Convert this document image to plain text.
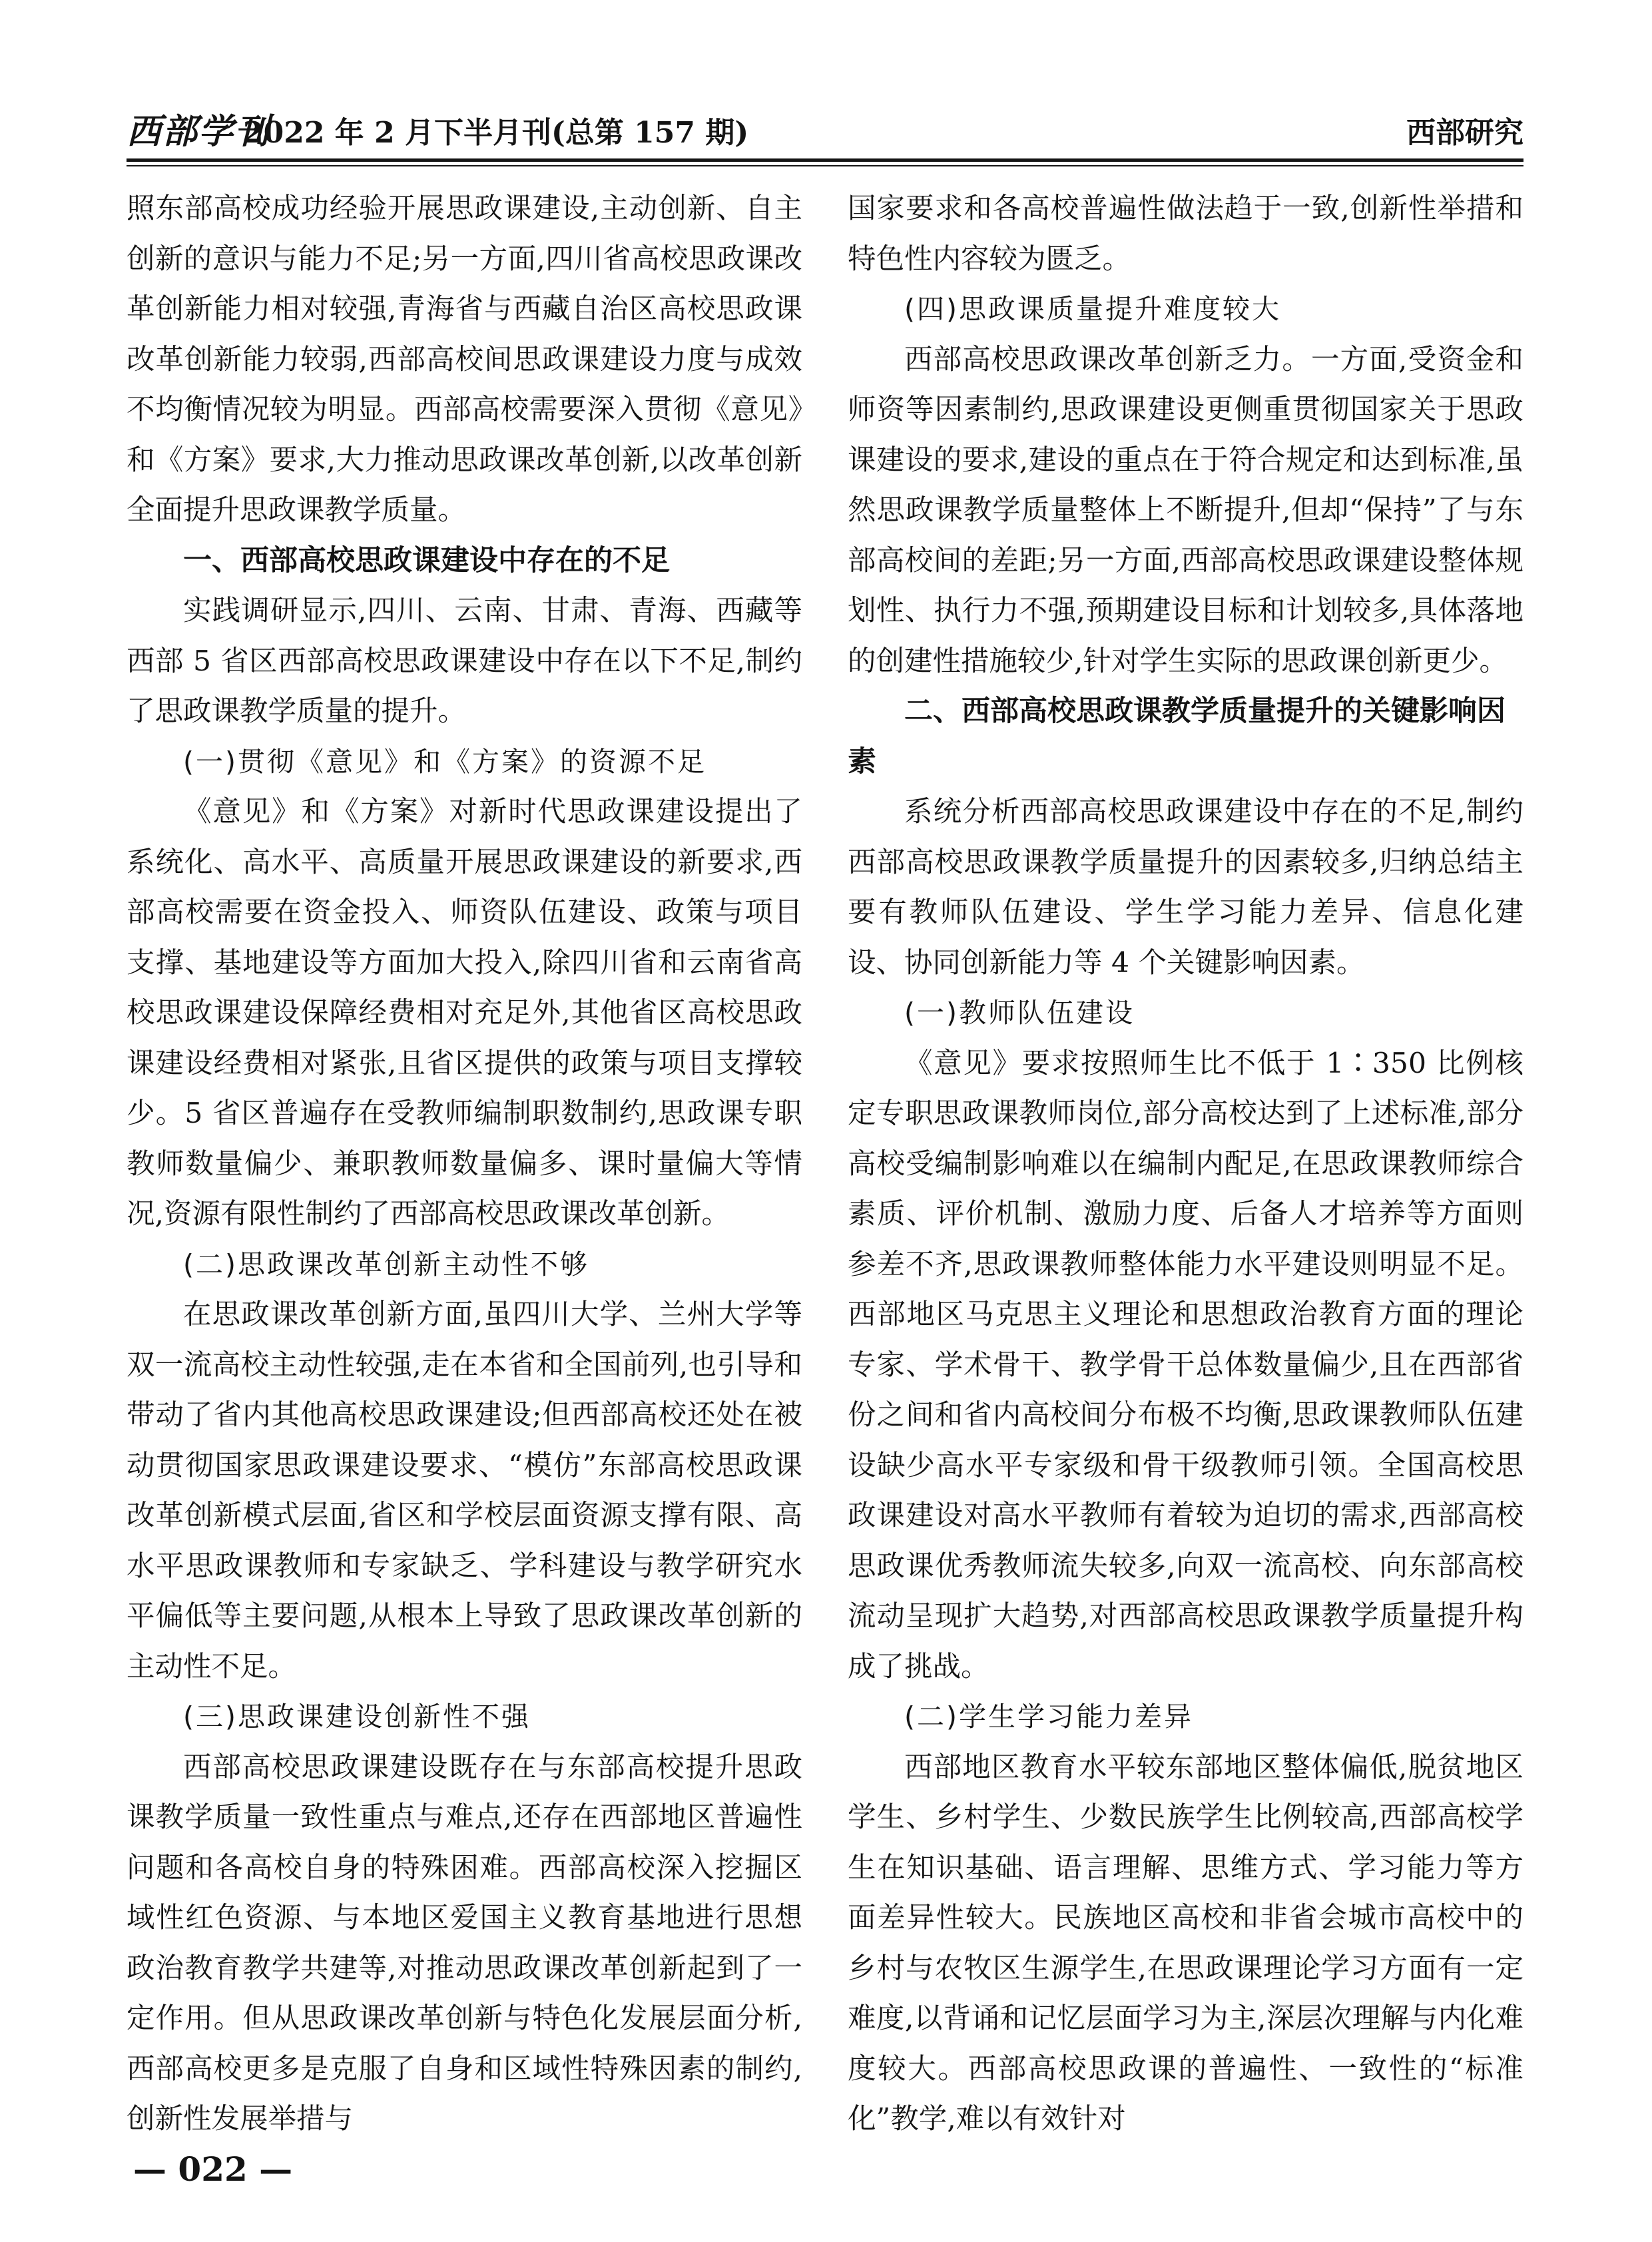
西部学刊
2022 年 2 月下半月刊(总第 157 期)	西部研究

照东部高校成功经验开展思政课建设,主动创新、自主创新的意识与能力不足;另一方面,四川省高校思政课改革创新能力相对较强,青海省与西藏自治区高校思政课改革创新能力较弱,西部高校间思政课建设力度与成效不均衡情况较为明显。西部高校需要深入贯彻《意见》和《方案》要求,大力推动思政课改革创新,以改革创新全面提升思政课教学质量。

一、西部高校思政课建设中存在的不足

实践调研显示,四川、云南、甘肃、青海、西藏等西部 5 省区西部高校思政课建设中存在以下不足,制约了思政课教学质量的提升。

(一)贯彻《意见》和《方案》的资源不足

《意见》和《方案》对新时代思政课建设提出了系统化、高水平、高质量开展思政课建设的新要求,西部高校需要在资金投入、师资队伍建设、政策与项目支撑、基地建设等方面加大投入,除四川省和云南省高校思政课建设保障经费相对充足外,其他省区高校思政课建设经费相对紧张,且省区提供的政策与项目支撑较少。5 省区普遍存在受教师编制职数制约,思政课专职教师数量偏少、兼职教师数量偏多、课时量偏大等情况,资源有限性制约了西部高校思政课改革创新。

(二)思政课改革创新主动性不够

在思政课改革创新方面,虽四川大学、兰州大学等双一流高校主动性较强,走在本省和全国前列,也引导和带动了省内其他高校思政课建设;但西部高校还处在被动贯彻国家思政课建设要求、“模仿”东部高校思政课改革创新模式层面,省区和学校层面资源支撑有限、高水平思政课教师和专家缺乏、学科建设与教学研究水平偏低等主要问题,从根本上导致了思政课改革创新的主动性不足。

(三)思政课建设创新性不强

西部高校思政课建设既存在与东部高校提升思政课教学质量一致性重点与难点,还存在西部地区普遍性问题和各高校自身的特殊困难。西部高校深入挖掘区域性红色资源、与本地区爱国主义教育基地进行思想政治教育教学共建等,对推动思政课改革创新起到了一定作用。但从思政课改革创新与特色化发展层面分析,西部高校更多是克服了自身和区域性特殊因素的制约,创新性发展举措与

国家要求和各高校普遍性做法趋于一致,创新性举措和特色性内容较为匮乏。

(四)思政课质量提升难度较大

西部高校思政课改革创新乏力。一方面,受资金和师资等因素制约,思政课建设更侧重贯彻国家关于思政课建设的要求,建设的重点在于符合规定和达到标准,虽然思政课教学质量整体上不断提升,但却“保持”了与东部高校间的差距;另一方面,西部高校思政课建设整体规划性、执行力不强,预期建设目标和计划较多,具体落地的创建性措施较少,针对学生实际的思政课创新更少。

二、西部高校思政课教学质量提升的关键影响因素

系统分析西部高校思政课建设中存在的不足,制约西部高校思政课教学质量提升的因素较多,归纳总结主要有教师队伍建设、学生学习能力差异、信息化建设、协同创新能力等 4 个关键影响因素。

(一)教师队伍建设

《意见》要求按照师生比不低于 1∶350 比例核定专职思政课教师岗位,部分高校达到了上述标准,部分高校受编制影响难以在编制内配足,在思政课教师综合素质、评价机制、激励力度、后备人才培养等方面则参差不齐,思政课教师整体能力水平建设则明显不足。西部地区马克思主义理论和思想政治教育方面的理论专家、学术骨干、教学骨干总体数量偏少,且在西部省份之间和省内高校间分布极不均衡,思政课教师队伍建设缺少高水平专家级和骨干级教师引领。全国高校思政课建设对高水平教师有着较为迫切的需求,西部高校思政课优秀教师流失较多,向双一流高校、向东部高校流动呈现扩大趋势,对西部高校思政课教学质量提升构成了挑战。

(二)学生学习能力差异

西部地区教育水平较东部地区整体偏低,脱贫地区学生、乡村学生、少数民族学生比例较高,西部高校学生在知识基础、语言理解、思维方式、学习能力等方面差异性较大。民族地区高校和非省会城市高校中的乡村与农牧区生源学生,在思政课理论学习方面有一定难度,以背诵和记忆层面学习为主,深层次理解与内化难度较大。西部高校思政课的普遍性、一致性的“标准化”教学,难以有效针对

— 022 —
